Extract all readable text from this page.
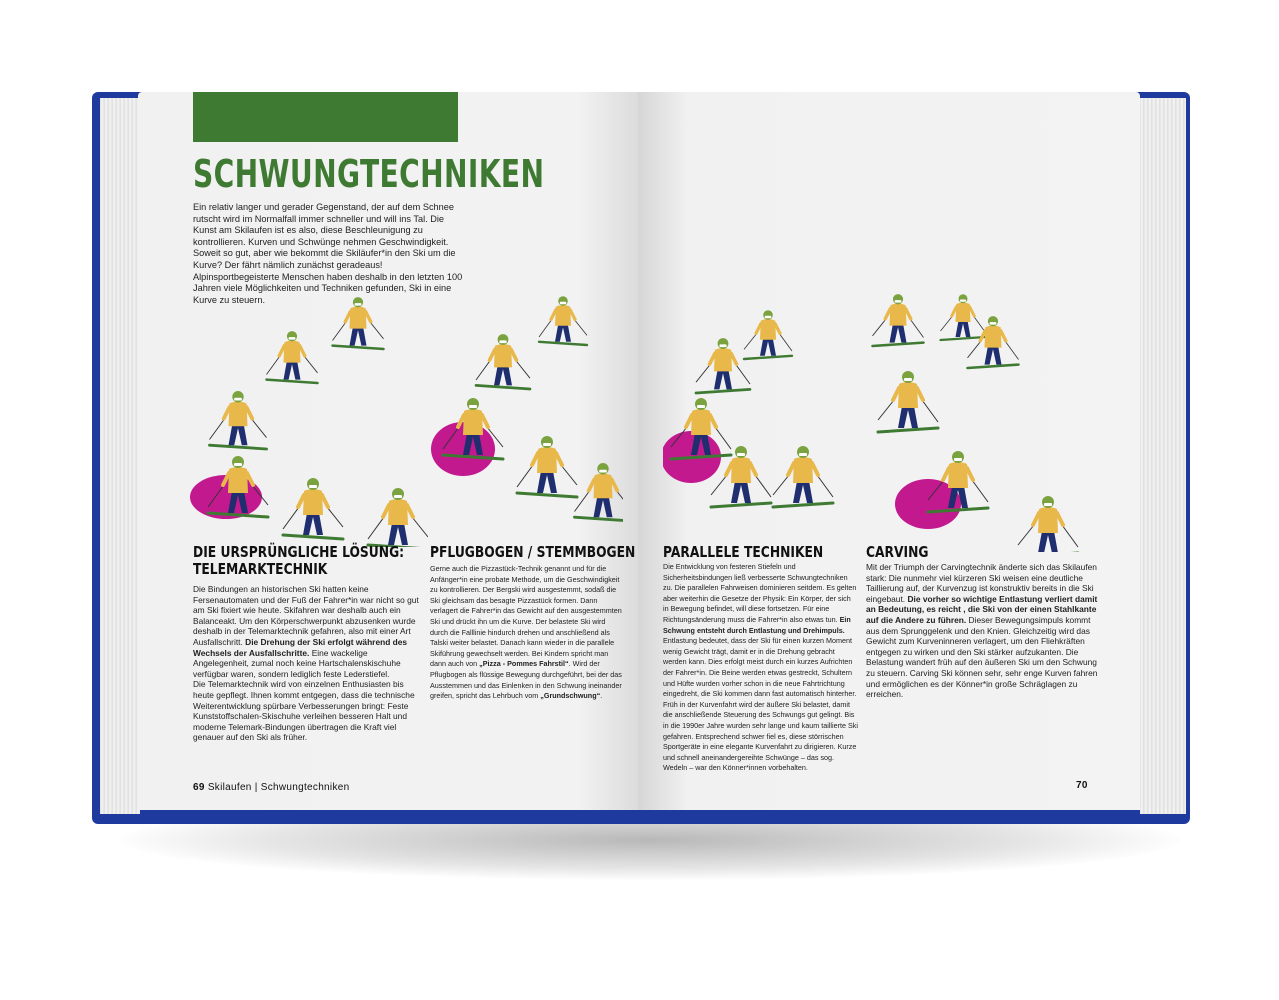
SCHWUNGTECHNIKEN
Ein relativ langer und gerader Gegenstand, der auf dem Schnee rutscht wird im Normalfall immer schneller und will ins Tal. Die Kunst am Skilaufen ist es also, diese Beschleunigung zu kontrollieren. Kurven und Schwünge nehmen Geschwindigkeit. Soweit so gut, aber wie bekommt die Skiläufer*in den Ski um die Kurve? Der fährt nämlich zunächst geradeaus! Alpinsportbegeisterte Menschen haben deshalb in den letzten 100 Jahren viele Möglichkeiten und Techniken gefunden, Ski in eine Kurve zu steuern.
DIE URSPRÜNGLICHE LÖSUNG:
TELEMARKTECHNIK

Die Bindungen an historischen Ski hatten keine Fersenautomaten und der Fuß der Fahrer*in war nicht so gut am Ski fixiert wie heute. Skifahren war deshalb auch ein Balanceakt. Um den Körperschwerpunkt abzusenken wurde deshalb in der Telemarktechnik gefahren, also mit einer Art Ausfallschritt. Die Drehung der Ski erfolgt während des Wechsels der Ausfallschritte. Eine wackelige Angelegenheit, zumal noch keine Hartschalenskischuhe verfügbar waren, sondern lediglich feste Lederstiefel.

Die Telemarktechnik wird von einzelnen Enthusiasten bis heute gepflegt. Ihnen kommt entgegen, dass die technische Weiterentwicklung spürbare Verbesserungen bringt: Feste Kunststoffschalen-Skischuhe verleihen besseren Halt und moderne Telemark-Bindungen übertragen die Kraft viel genauer auf den Ski als früher.

PFLUGBOGEN / STEMMBOGEN

Gerne auch die Pizzastück-Technik genannt und für die Anfänger*in eine probate Methode, um die Geschwindigkeit zu kontrollieren. Der Bergski wird ausgestemmt, sodaß die Ski gleichsam das besagte Pizzastück formen. Dann verlagert die Fahrer*in das Gewicht auf den ausgestemmten Ski und drückt ihn um die Kurve. Der belastete Ski wird durch die Falllinie hindurch drehen und anschließend als Talski weiter belastet. Danach kann wieder in die parallele Skiführung gewechselt werden. Bei Kindern spricht man dann auch von „Pizza - Pommes Fahrstil“. Wird der Pflugbogen als flüssige Bewegung durchgeführt, bei der das Ausstemmen und das Einlenken in den Schwung ineinander greifen, spricht das Lehrbuch vom „Grundschwung“.

69 Skilaufen | Schwungtechniken
PARALLELE TECHNIKEN

Die Entwicklung von festeren Stiefeln und Sicherheitsbindungen ließ verbesserte Schwungtechniken zu. Die parallelen Fahrweisen dominieren seitdem. Es gelten aber weiterhin die Gesetze der Physik: Ein Körper, der sich in Bewegung befindet, will diese fortsetzen. Für eine Richtungsänderung muss die Fahrer*in also etwas tun. Ein Schwung entsteht durch Entlastung und Drehimpuls. Entlastung bedeutet, dass der Ski für einen kurzen Moment wenig Gewicht trägt, damit er in die Drehung gebracht werden kann. Dies erfolgt meist durch ein kurzes Aufrichten der Fahrer*in. Die Beine werden etwas gestreckt, Schultern und Hüfte wurden vorher schon in die neue Fahrtrichtung eingedreht, die Ski kommen dann fast automatisch hinterher. Früh in der Kurvenfahrt wird der äußere Ski belastet, damit die anschließende Steuerung des Schwungs gut gelingt. Bis in die 1990er Jahre wurden sehr lange und kaum taillierte Ski gefahren. Entsprechend schwer fiel es, diese störrischen Sportgeräte in eine elegante Kurvenfahrt zu dirigieren. Kurze und schnell aneinandergereihte Schwünge – das sog. Wedeln – war den Könner*innen vorbehalten.

CARVING

Mit der Triumph der Carvingtechnik änderte sich das Skilaufen stark: Die nunmehr viel kürzeren Ski weisen eine deutliche Taillierung auf, der Kurvenzug ist konstruktiv bereits in die Ski eingebaut. Die vorher so wichtige Entlastung verliert damit an Bedeutung, es reicht , die Ski von der einen Stahlkante auf die Andere zu führen. Dieser Bewegungsimpuls kommt aus dem Sprunggelenk und den Knien. Gleichzeitig wird das Gewicht zum Kurveninneren verlagert, um den Fliehkräften entgegen zu wirken und den Ski stärker aufzukanten. Die Belastung wandert früh auf den äußeren Ski um den Schwung zu steuern. Carving Ski können sehr, sehr enge Kurven fahren und ermöglichen es der Könner*in große Schräglagen zu erreichen.

70
